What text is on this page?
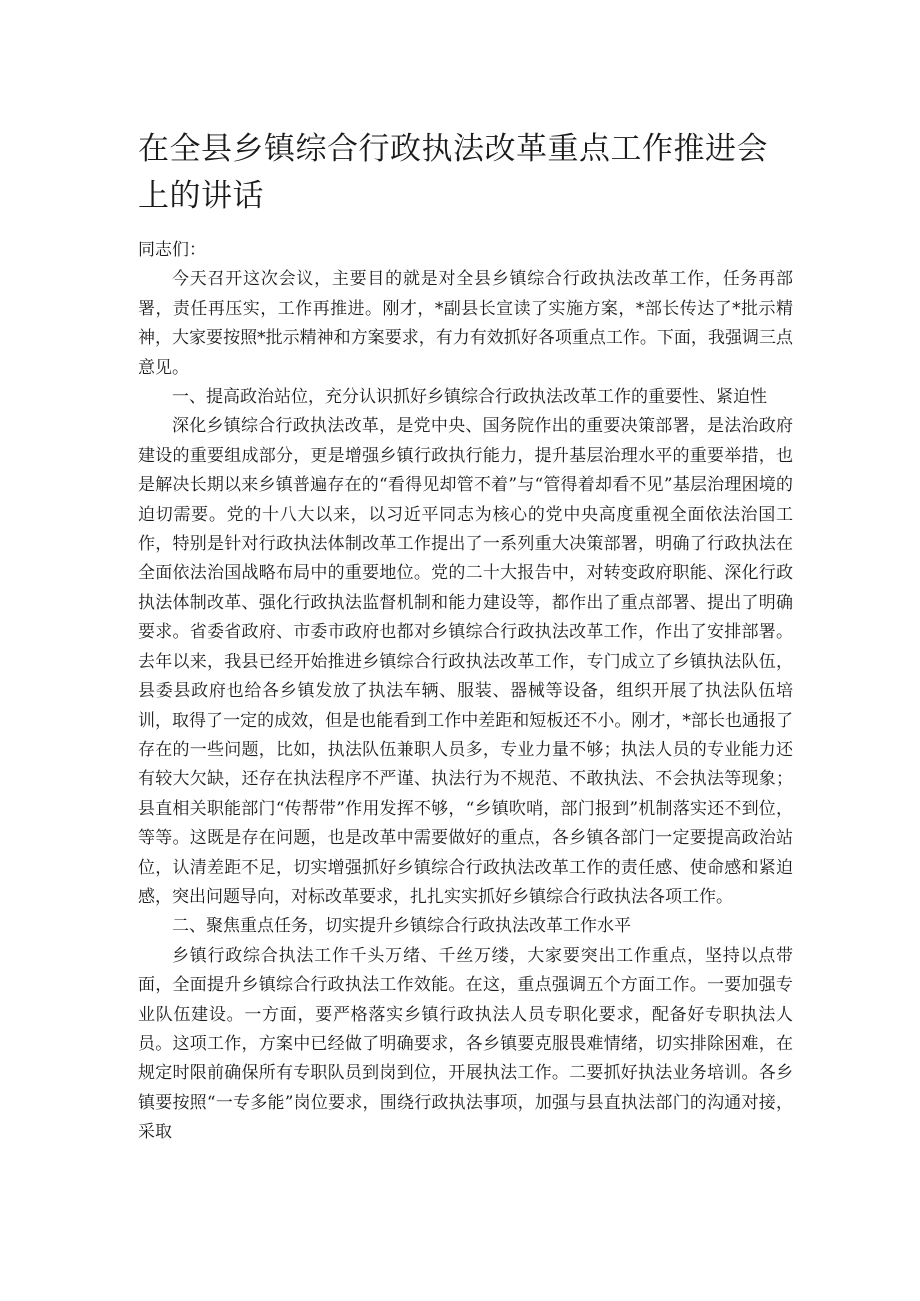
在全县乡镇综合行政执法改革重点工作推进会上的讲话

同志们：

今天召开这次会议，主要目的就是对全县乡镇综合行政执法改革工作，任务再部署，责任再压实，工作再推进。刚才，*副县长宣读了实施方案，*部长传达了*批示精神，大家要按照*批示精神和方案要求，有力有效抓好各项重点工作。下面，我强调三点意见。

一、提高政治站位，充分认识抓好乡镇综合行政执法改革工作的重要性、紧迫性

深化乡镇综合行政执法改革，是党中央、国务院作出的重要决策部署，是法治政府建设的重要组成部分，更是增强乡镇行政执行能力，提升基层治理水平的重要举措，也是解决长期以来乡镇普遍存在的“看得见却管不着”与“管得着却看不见”基层治理困境的迫切需要。党的十八大以来，以习近平同志为核心的党中央高度重视全面依法治国工作，特别是针对行政执法体制改革工作提出了一系列重大决策部署，明确了行政执法在全面依法治国战略布局中的重要地位。党的二十大报告中，对转变政府职能、深化行政执法体制改革、强化行政执法监督机制和能力建设等，都作出了重点部署、提出了明确要求。省委省政府、市委市政府也都对乡镇综合行政执法改革工作，作出了安排部署。去年以来，我县已经开始推进乡镇综合行政执法改革工作，专门成立了乡镇执法队伍，县委县政府也给各乡镇发放了执法车辆、服装、器械等设备，组织开展了执法队伍培训，取得了一定的成效，但是也能看到工作中差距和短板还不小。刚才，*部长也通报了存在的一些问题，比如，执法队伍兼职人员多，专业力量不够；执法人员的专业能力还有较大欠缺，还存在执法程序不严谨、执法行为不规范、不敢执法、不会执法等现象；县直相关职能部门“传帮带”作用发挥不够，“乡镇吹哨，部门报到”机制落实还不到位，等等。这既是存在问题，也是改革中需要做好的重点，各乡镇各部门一定要提高政治站位，认清差距不足，切实增强抓好乡镇综合行政执法改革工作的责任感、使命感和紧迫感，突出问题导向，对标改革要求，扎扎实实抓好乡镇综合行政执法各项工作。

二、聚焦重点任务，切实提升乡镇综合行政执法改革工作水平

乡镇行政综合执法工作千头万绪、千丝万缕，大家要突出工作重点，坚持以点带面，全面提升乡镇综合行政执法工作效能。在这，重点强调五个方面工作。一要加强专业队伍建设。一方面，要严格落实乡镇行政执法人员专职化要求，配备好专职执法人员。这项工作，方案中已经做了明确要求，各乡镇要克服畏难情绪，切实排除困难，在规定时限前确保所有专职队员到岗到位，开展执法工作。二要抓好执法业务培训。各乡镇要按照“一专多能”岗位要求，围绕行政执法事项，加强与县直执法部门的沟通对接，采取
